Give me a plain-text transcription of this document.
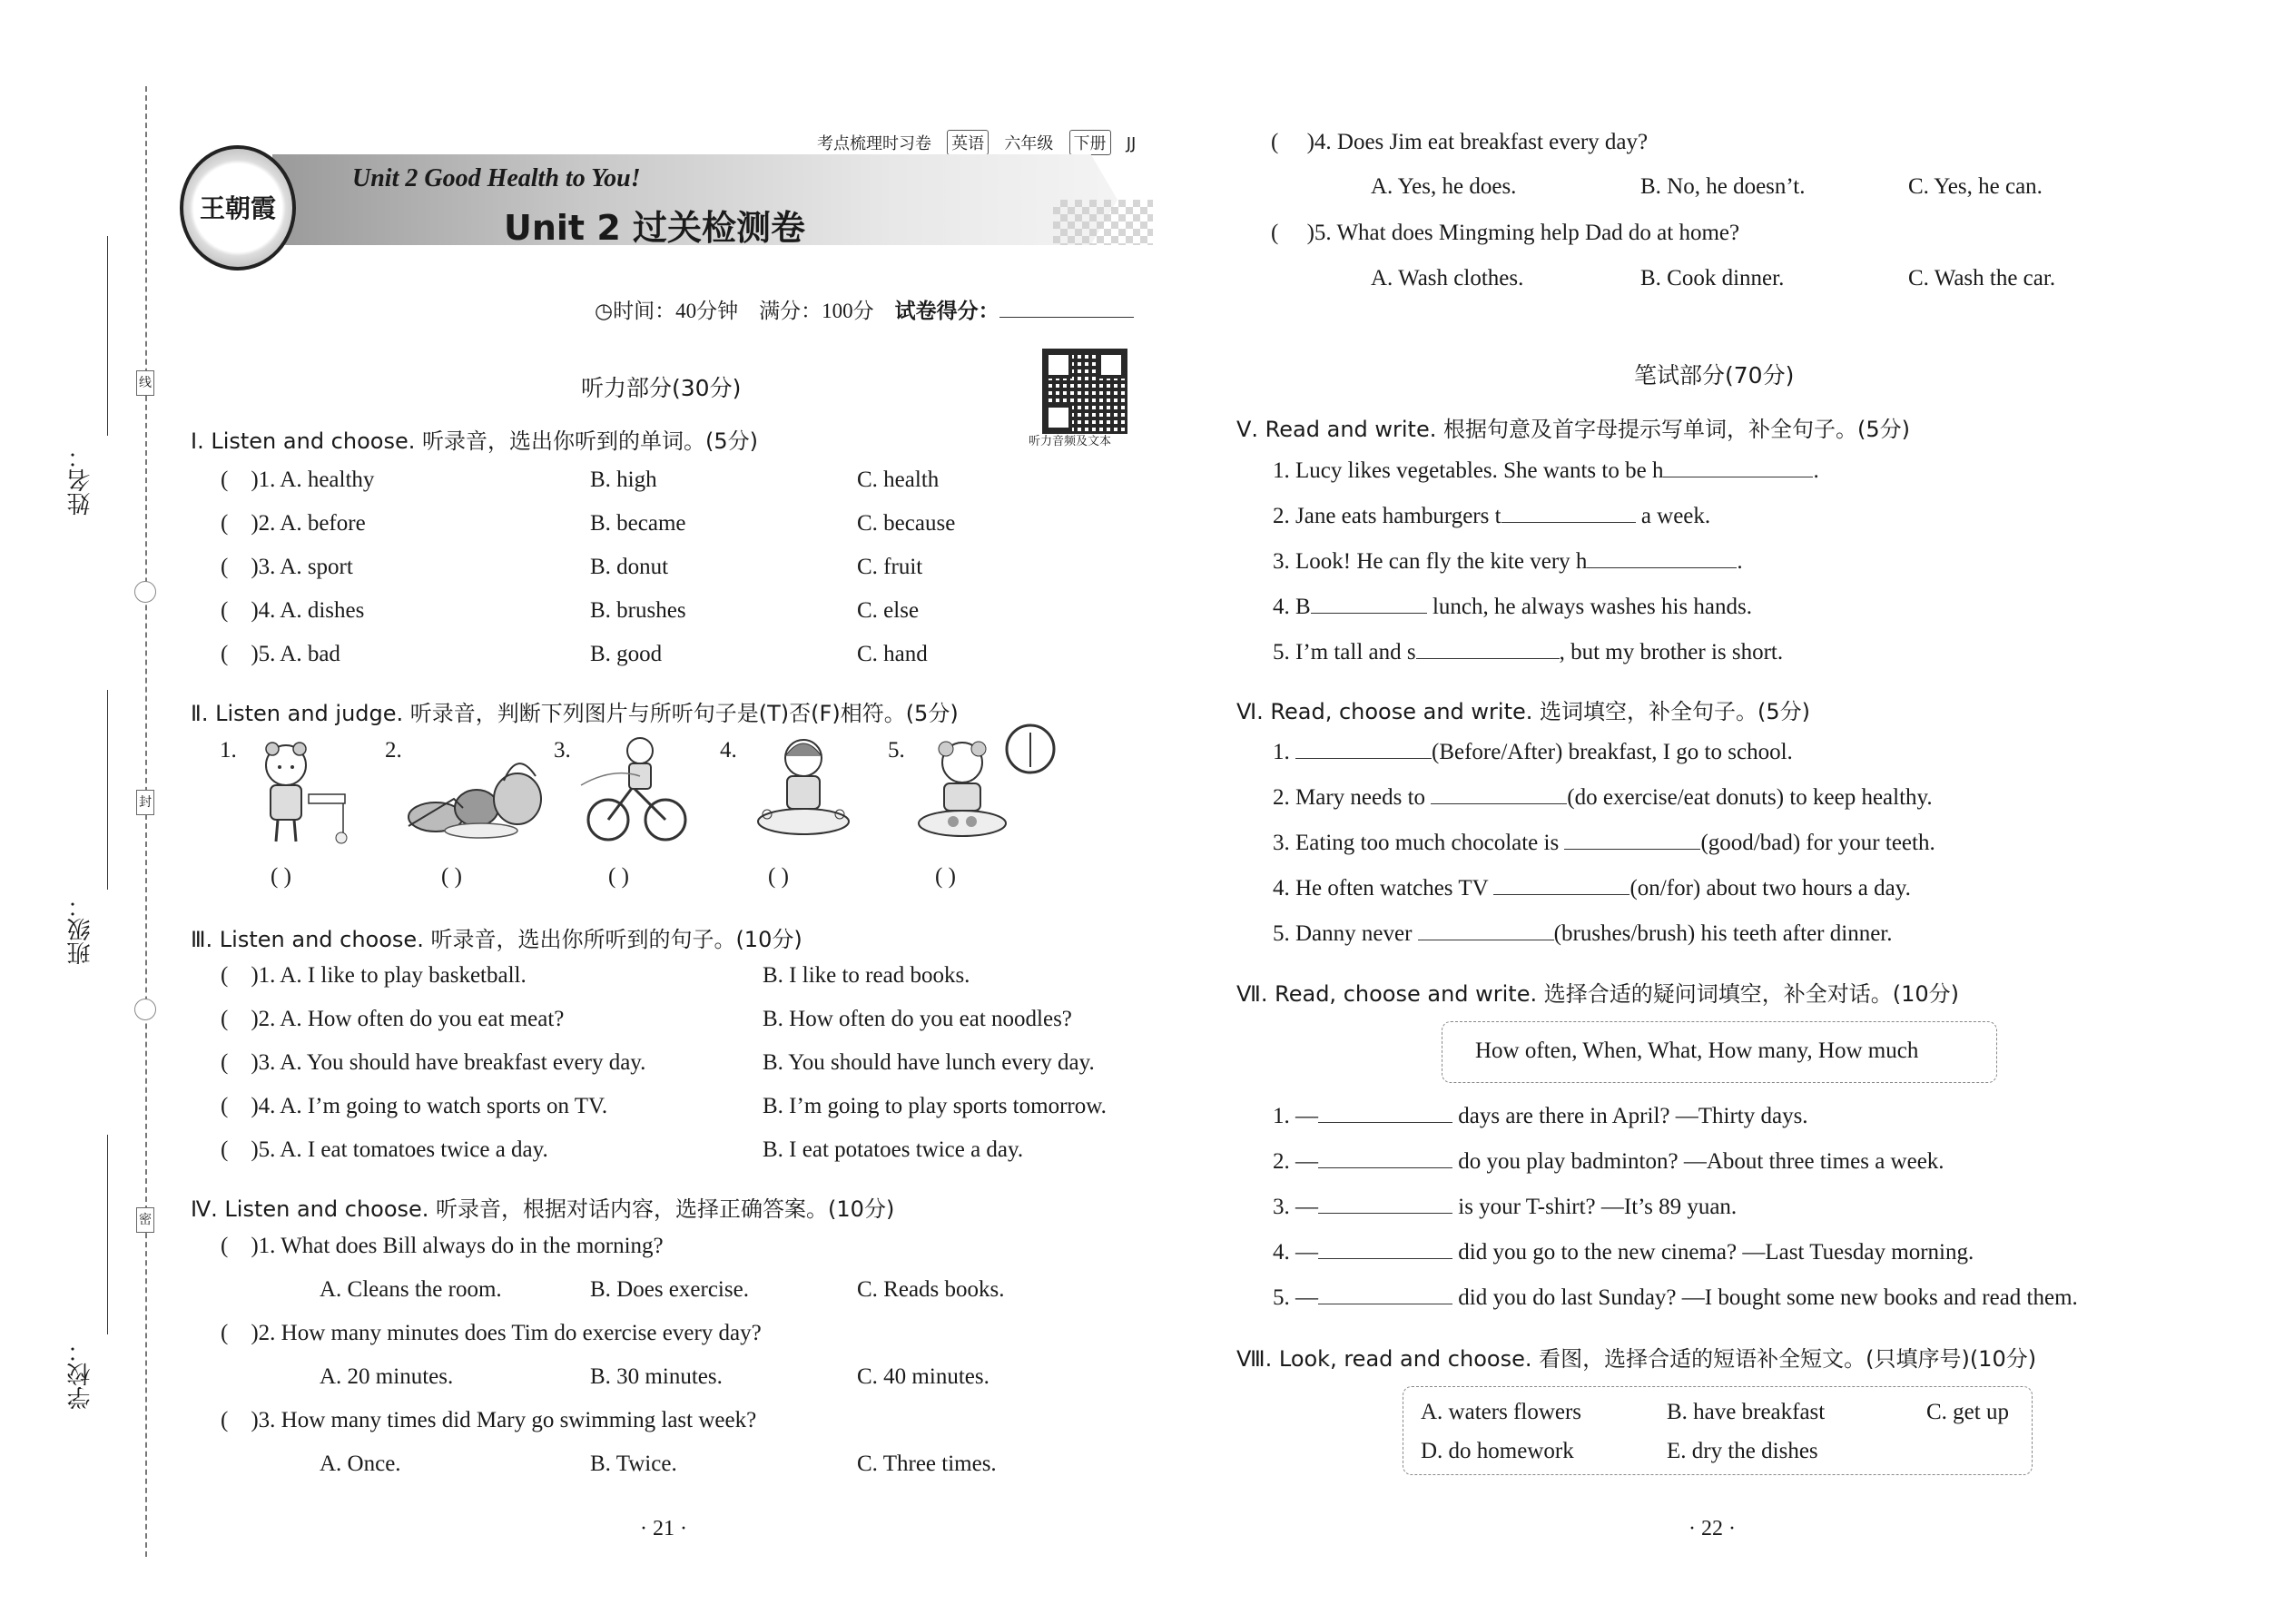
线
封
密
姓名：
班级：
学校：
考点梳理时习卷 英语 六年级 下册 JJ
王朝霞
Unit 2 Good Health to You!
Unit 2 过关检测卷
◷时间：40分钟 满分：100分 试卷得分：
听力音频及文本
听力部分(30分)
Ⅰ. Listen and choose. 听录音，选出你听到的单词。(5分)
(    )1. A. healthy	B. high	C. health
(    )2. A. before	B. became	C. because
(    )3. A. sport	B. donut	C. fruit
(    )4. A. dishes	B. brushes	C. else
(    )5. A. bad	B. good	C. hand
Ⅱ. Listen and judge. 听录音，判断下列图片与所听句子是(T)否(F)相符。(5分)
1.	2.	3.	4.	5.
( )	( )	( )	( )	( )
Ⅲ. Listen and choose. 听录音，选出你所听到的句子。(10分)
(    )1. A. I like to play basketball.	B. I like to read books.
(    )2. A. How often do you eat meat?	B. How often do you eat noodles?
(    )3. A. You should have breakfast every day.	B. You should have lunch every day.
(    )4. A. I’m going to watch sports on TV.	B. I’m going to play sports tomorrow.
(    )5. A. I eat tomatoes twice a day.	B. I eat potatoes twice a day.
Ⅳ. Listen and choose. 听录音，根据对话内容，选择正确答案。(10分)
(    )1. What does Bill always do in the morning?
A. Cleans the room.	B. Does exercise.	C. Reads books.
(    )2. How many minutes does Tim do exercise every day?
A. 20 minutes.	B. 30 minutes.	C. 40 minutes.
(    )3. How many times did Mary go swimming last week?
A. Once.	B. Twice.	C. Three times.
· 21 ·
(     )4. Does Jim eat breakfast every day?
A. Yes, he does.	B. No, he doesn’t.	C. Yes, he can.
(     )5. What does Mingming help Dad do at home?
A. Wash clothes.	B. Cook dinner.	C. Wash the car.
笔试部分(70分)
Ⅴ. Read and write. 根据句意及首字母提示写单词，补全句子。(5分)
1. Lucy likes vegetables. She wants to be h	.
2. Jane eats hamburgers t	a week.
3. Look! He can fly the kite very h	.
4. B	lunch, he always washes his hands.
5. I’m tall and s	, but my brother is short.
Ⅵ. Read, choose and write. 选词填空，补全句子。(5分)
1.	(Before/After) breakfast, I go to school.
2. Mary needs to	(do exercise/eat donuts) to keep healthy.
3. Eating too much chocolate is	(good/bad) for your teeth.
4. He often watches TV	(on/for) about two hours a day.
5. Danny never	(brushes/brush) his teeth after dinner.
Ⅶ. Read, choose and write. 选择合适的疑问词填空，补全对话。(10分)
How often, When, What, How many, How much
1. —	days are there in April? —Thirty days.
2. —	do you play badminton? —About three times a week.
3. —	is your T-shirt? —It’s 89 yuan.
4. —	did you go to the new cinema? —Last Tuesday morning.
5. —	did you do last Sunday? —I bought some new books and read them.
Ⅷ. Look, read and choose. 看图，选择合适的短语补全短文。(只填序号)(10分)
A. waters flowers	B. have breakfast	C. get up
D. do homework	E. dry the dishes
· 22 ·
